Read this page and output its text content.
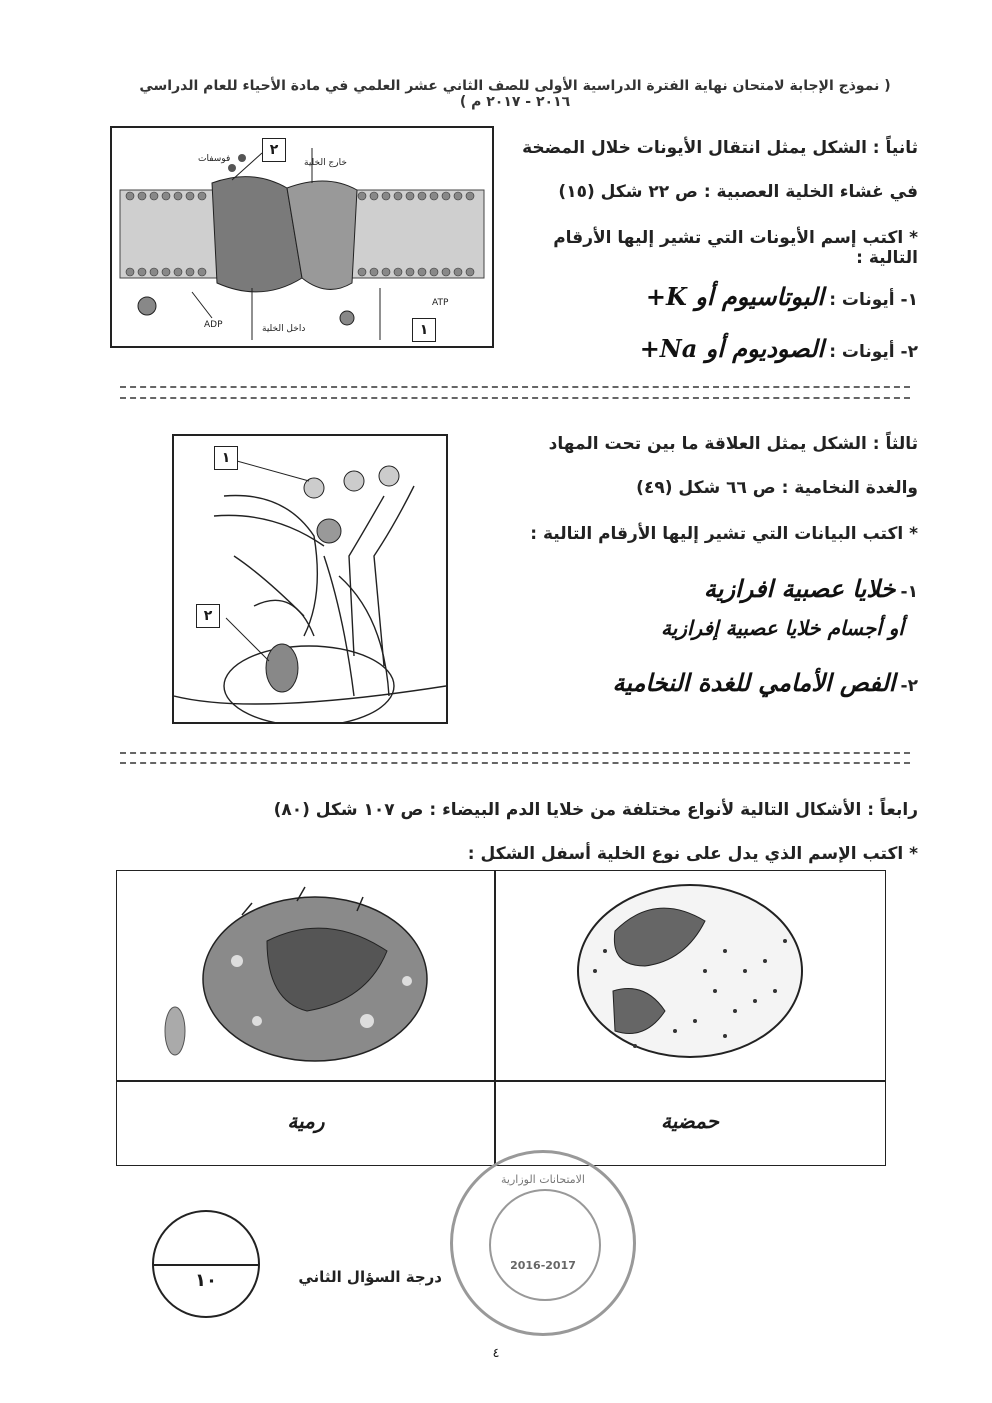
( نموذج الإجابة لامتحان نهاية الفترة الدراسية الأولى للصف الثاني عشر العلمي في مادة الأحياء للعام الدراسي ٢٠١٦ - ٢٠١٧ م )
٢
خارج الخلية
فوسفات
ADP	داخل الخلية
ATP
١
ثانياً : الشكل يمثل انتقال الأيونات خلال المضخة
في غشاء الخلية العصبية : ص ٢٢ شكل (١٥)
* اكتب إسم الأيونات التي تشير إليها الأرقام التالية :
١- أيونات : البوتاسيوم أو K+
٢- أيونات : الصوديوم أو Na+
١
٢
ثالثاً : الشكل يمثل العلاقة ما بين تحت المهاد
والغدة النخامية : ص ٦٦ شكل (٤٩)
* اكتب البيانات التي تشير إليها الأرقام التالية :
١- خلايا عصبية افرازية
أو أجسام خلايا عصبية إفرازية
٢- الفص الأمامي للغدة النخامية
رابعاً : الأشكال التالية لأنواع مختلفة من خلايا الدم البيضاء : ص ١٠٧ شكل (٨٠)
* اكتب الإسم الذي يدل على نوع الخلية أسفل الشكل :
رمية	حمضية
١٠	درجة السؤال الثاني
الامتحانات الوزارية
2016-2017
٤
